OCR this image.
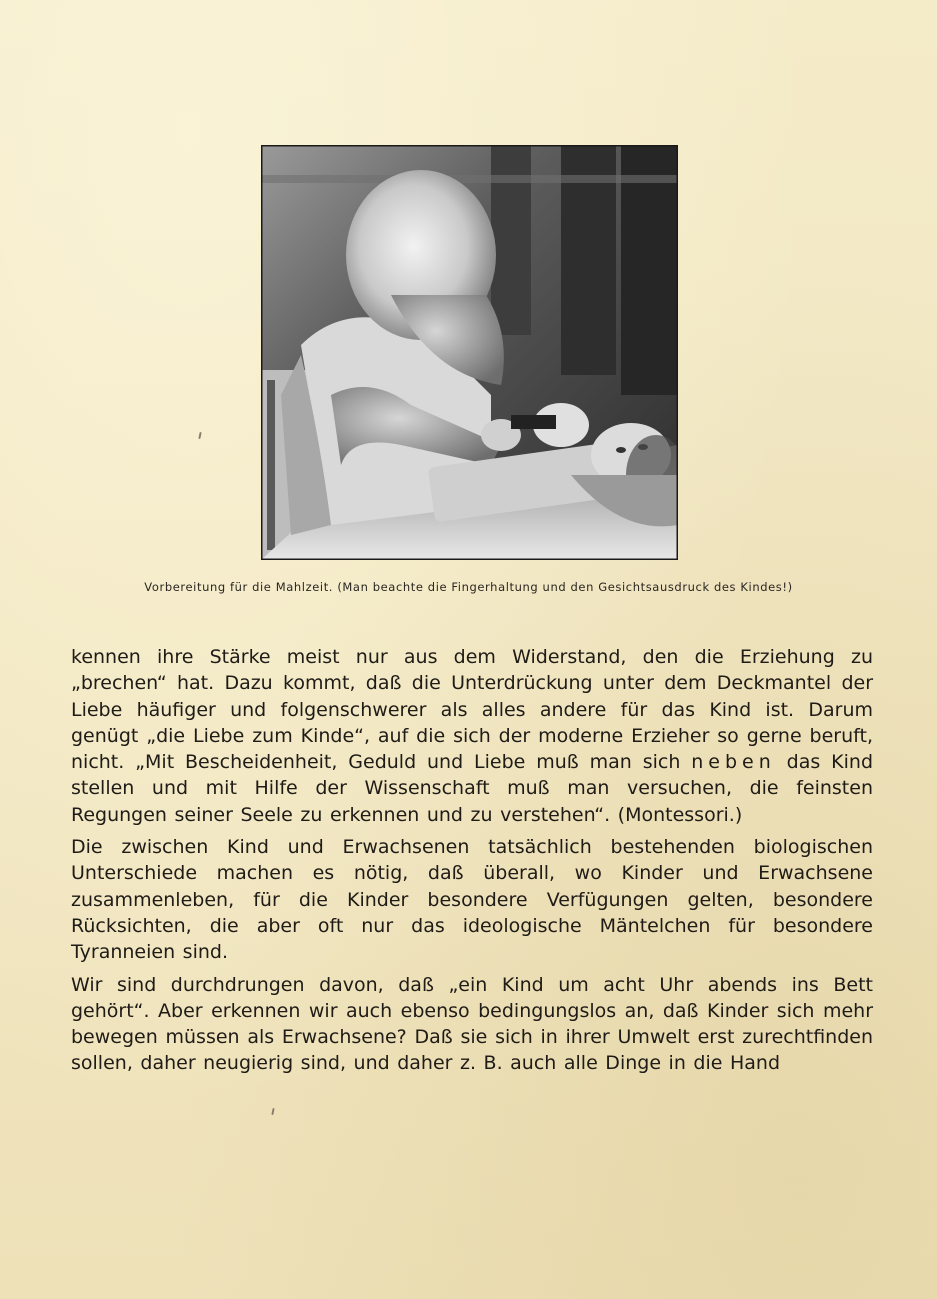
Vorbereitung für die Mahlzeit. (Man beachte die Fingerhaltung und den Gesichtsausdruck des Kindes!)

kennen ihre Stärke meist nur aus dem Widerstand, den die Erziehung zu „brechen“ hat. Dazu kommt, daß die Unterdrückung unter dem Deckmantel der Liebe häufiger und folgenschwerer als alles andere für das Kind ist. Darum genügt „die Liebe zum Kinde“, auf die sich der moderne Erzieher so gerne beruft, nicht. „Mit Bescheidenheit, Geduld und Liebe muß man sich neben das Kind stellen und mit Hilfe der Wissenschaft muß man versuchen, die feinsten Regungen seiner Seele zu erkennen und zu verstehen“. (Montessori.)

Die zwischen Kind und Erwachsenen tatsächlich bestehenden biologischen Unterschiede machen es nötig, daß überall, wo Kinder und Erwachsene zusammenleben, für die Kinder besondere Verfügungen gelten, besondere Rücksichten, die aber oft nur das ideologische Mäntelchen für besondere Tyranneien sind.

Wir sind durchdrungen davon, daß „ein Kind um acht Uhr abends ins Bett gehört“. Aber erkennen wir auch ebenso bedingungslos an, daß Kinder sich mehr bewegen müssen als Erwachsene? Daß sie sich in ihrer Umwelt erst zurechtfinden sollen, daher neugierig sind, und daher z. B. auch alle Dinge in die Hand
